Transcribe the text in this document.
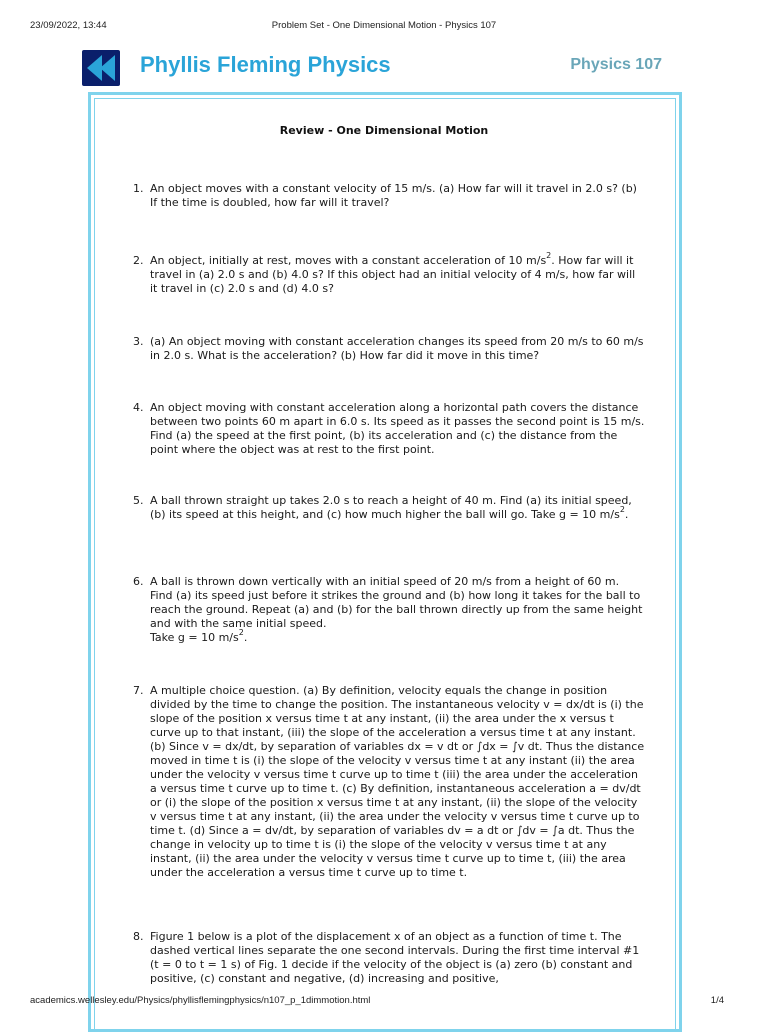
23/09/2022, 13:44	Problem Set - One Dimensional Motion - Physics 107
Phyllis Fleming Physics	Physics 107
Review - One Dimensional Motion
1. An object moves with a constant velocity of 15 m/s. (a) How far will it travel in 2.0 s? (b) If the time is doubled, how far will it travel?
2. An object, initially at rest, moves with a constant acceleration of 10 $m/s^2$. How far will it travel in (a) 2.0 s and (b) 4.0 s? If this object had an initial velocity of 4 m/s, how far will it travel in (c) 2.0 s and (d) 4.0 s?
3. (a) An object moving with constant acceleration changes its speed from 20 m/s to 60 m/s in 2.0 s. What is the acceleration? (b) How far did it move in this time?
4. An object moving with constant acceleration along a horizontal path covers the distance between two points 60 m apart in 6.0 s. Its speed as it passes the second point is 15 m/s. Find (a) the speed at the first point, (b) its acceleration and (c) the distance from the point where the object was at rest to the first point.
5. A ball thrown straight up takes 2.0 s to reach a height of 40 m. Find (a) its initial speed, (b) its speed at this height, and (c) how much higher the ball will go. Take g = 10 $m/s^2$.
6. A ball is thrown down vertically with an initial speed of 20 m/s from a height of 60 m. Find (a) its speed just before it strikes the ground and (b) how long it takes for the ball to reach the ground. Repeat (a) and (b) for the ball thrown directly up from the same height and with the same initial speed.
Take g = 10 $m/s^2$.
7. A multiple choice question. (a) By definition, velocity equals the change in position divided by the time to change the position. The instantaneous velocity v = dx/dt is (i) the slope of the position x versus time t at any instant, (ii) the area under the x versus t curve up to that instant, (iii) the slope of the acceleration a versus time t at any instant. (b) Since v = dx/dt, by separation of variables dx = v dt or ∫dx = ∫v dt. Thus the distance moved in time t is (i) the slope of the velocity v versus time t at any instant (ii) the area under the velocity v versus time t curve up to time t (iii) the area under the acceleration a versus time t curve up to time t. (c) By definition, instantaneous acceleration a = dv/dt or (i) the slope of the position x versus time t at any instant, (ii) the slope of the velocity v versus time t at any instant, (ii) the area under the velocity v versus time t curve up to time t. (d) Since a = dv/dt, by separation of variables dv = a dt or ∫dv = ∫a dt. Thus the change in velocity up to time t is (i) the slope of the velocity v versus time t at any instant, (ii) the area under the velocity v versus time t curve up to time t, (iii) the area under the acceleration a versus time t curve up to time t.
8. Figure 1 below is a plot of the displacement x of an object as a function of time t. The dashed vertical lines separate the one second intervals. During the first time interval #1 (t = 0 to t = 1 s) of Fig. 1 decide if the velocity of the object is (a) zero (b) constant and positive, (c) constant and negative, (d) increasing and positive,
academics.wellesley.edu/Physics/phyllisflemingphysics/n107_p_1dimmotion.html	1/4
